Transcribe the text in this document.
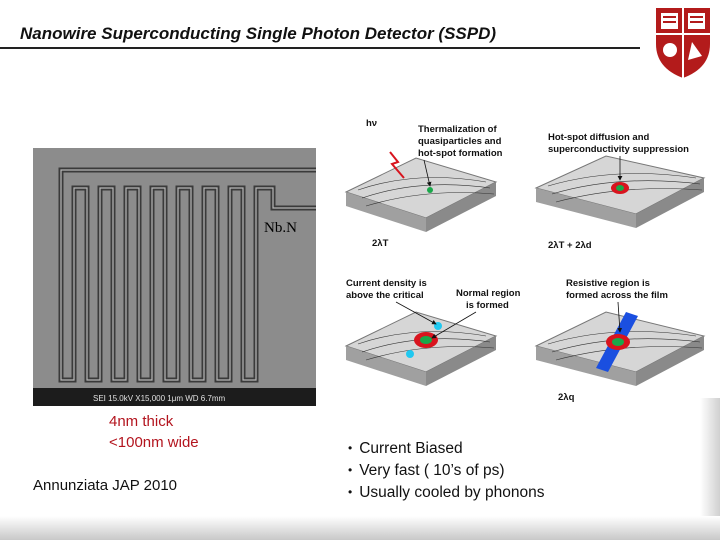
Nanowire Superconducting Single Photon Detector (SSPD)
SEI 15.0kV X15,000 1μm WD 6.7mm
Nb.N
4nm thick
<100nm wide
Annunziata JAP 2010
hν
Thermalization of
quasiparticles and
hot-spot formation
2λT
Hot-spot diffusion and
superconductivity suppression
2λT + 2λd
Current density is
above the critical	Normal region
is formed
Resistive region is
formed across the film
2λq
• Current Biased
• Very fast ( 10’s of ps)
• Usually cooled by phonons
